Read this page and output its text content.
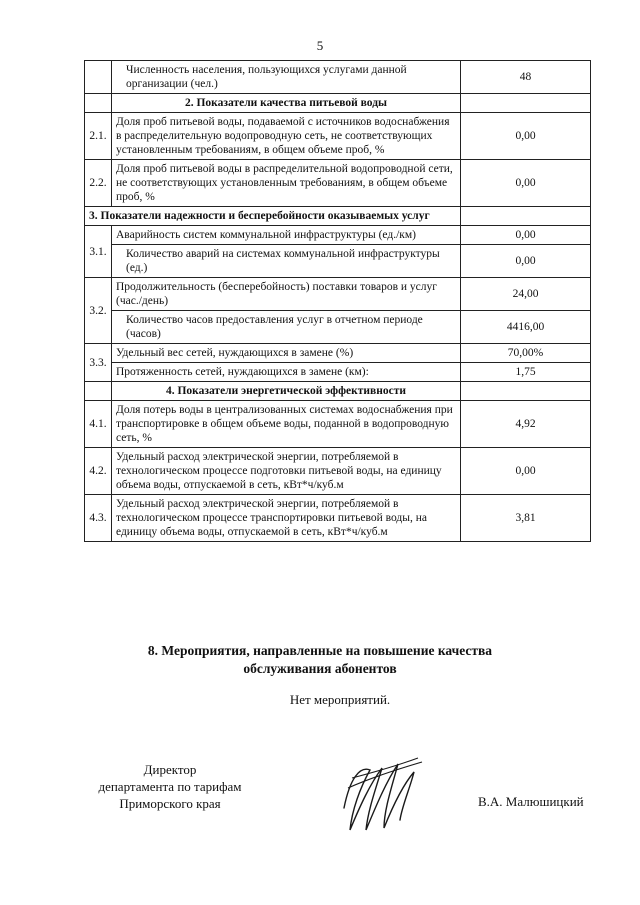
5
	Численность населения, пользующихся услугами данной организации (чел.)	48
	2. Показатели качества питьевой воды	
2.1.	Доля проб питьевой воды, подаваемой с источников водоснабжения в распределительную водопроводную сеть, не соответствующих установленным требованиям, в общем объеме проб, %	0,00
2.2.	Доля проб питьевой воды в распределительной водопроводной сети, не соответствующих установленным требованиям, в общем объеме проб, %	0,00
3. Показатели надежности и бесперебойности оказываемых услуг		
3.1.	Аварийность систем коммунальной инфраструктуры (ед./км)	0,00
	Количество аварий на системах коммунальной инфраструктуры (ед.)	0,00
3.2.	Продолжительность (бесперебойность) поставки товаров и услуг (час./день)	24,00
	Количество часов предоставления услуг в отчетном периоде (часов)	4416,00
3.3.	Удельный вес сетей, нуждающихся в замене (%)	70,00%
	Протяженность сетей, нуждающихся в замене (км):	1,75
	4. Показатели энергетической эффективности	
4.1.	Доля потерь воды в централизованных системах водоснабжения при транспортировке в общем объеме воды, поданной в водопроводную сеть, %	4,92
4.2.	Удельный расход электрической энергии, потребляемой в технологическом процессе подготовки питьевой воды, на единицу объема воды, отпускаемой в сеть, кВт*ч/куб.м	0,00
4.3.	Удельный расход электрической энергии, потребляемой в технологическом процессе транспортировки питьевой воды, на единицу объема воды, отпускаемой в сеть, кВт*ч/куб.м	3,81
8. Мероприятия, направленные на повышение качества
обслуживания абонентов
Нет мероприятий.
Директор
департамента по тарифам
Приморского края	В.А. Малюшицкий
